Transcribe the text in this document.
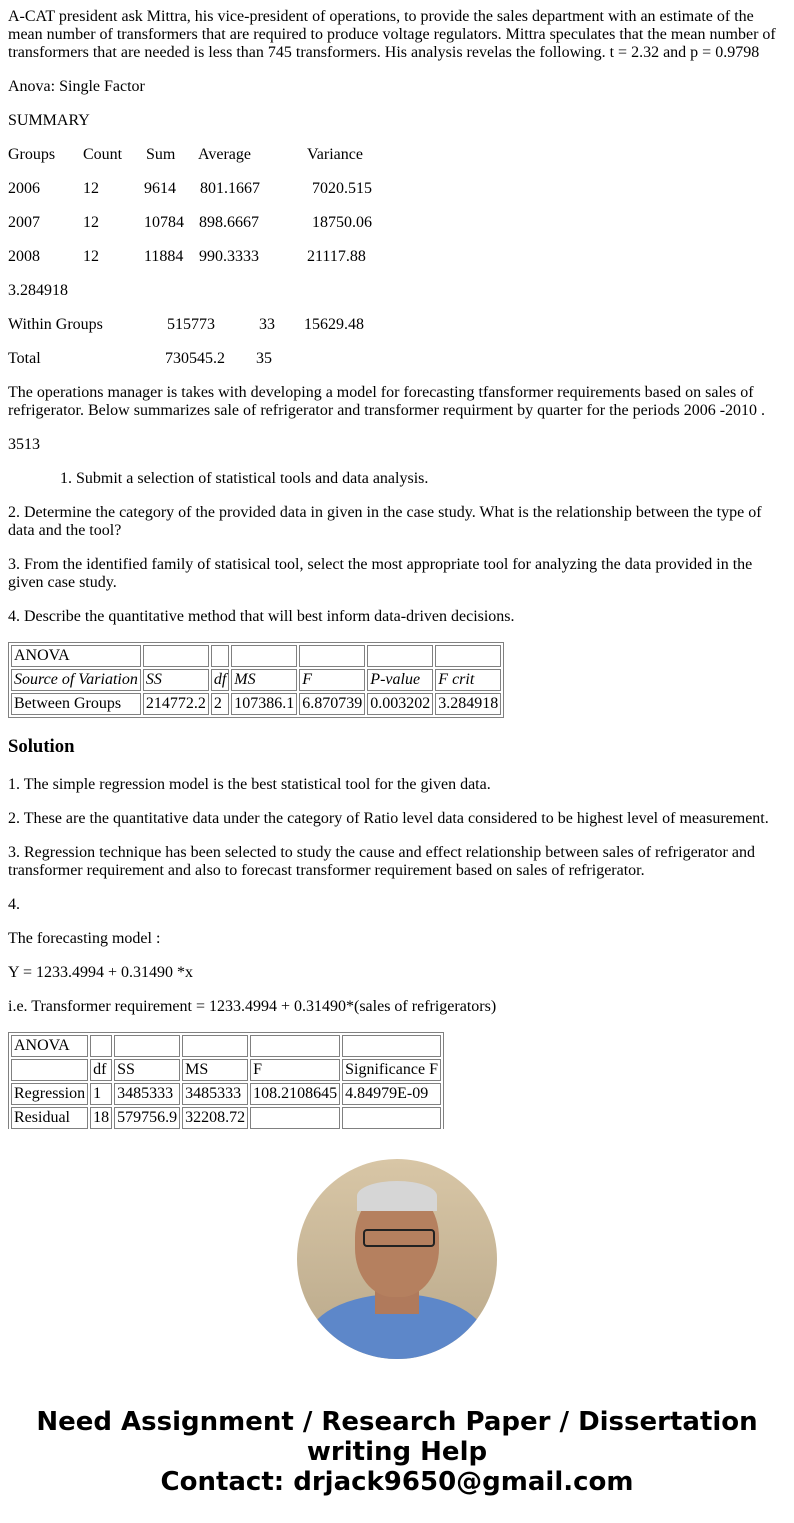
A-CAT president ask Mittra, his vice-president of operations, to provide the sales department with an estimate of the mean number of transformers that are required to produce voltage regulators. Mittra speculates that the mean number of transformers that are needed is less than 745 transformers. His analysis revelas the following. t = 2.32 and p = 0.9798

Anova: Single Factor

SUMMARY

Groups Count Sum Average	Variance

2006	12	9614 801.1667	7020.515

2007	12	10784 898.6667	18750.06

2008	12	11884 990.3333	21117.88

3.284918

Within Groups	515773	33 15629.48

Total	730545.2 35

The operations manager is takes with developing a model for forecasting tfansformer requirements based on sales of refrigerator. Below summarizes sale of refrigerator and transformer requirment by quarter for the periods 2006 -2010 .

3513

1. Submit a selection of statistical tools and data analysis.

2. Determine the category of the provided data in given in the case study. What is the relationship between the type of data and the tool?

3. From the identified family of statisical tool, select the most appropriate tool for analyzing the data provided in the given case study.

4. Describe the quantitative method that will best inform data-driven decisions.

ANOVA						
Source of Variation	SS	df	MS	F	P-value	F crit
Between Groups	214772.2	2	107386.1	6.870739	0.003202	3.284918
Solution

1. The simple regression model is the best statistical tool for the given data.

2. These are the quantitative data under the category of Ratio level data considered to be highest level of measurement.

3. Regression technique has been selected to study the cause and effect relationship between sales of refrigerator and transformer requirement and also to forecast transformer requirement based on sales of refrigerator.

4.

The forecasting model :

Y = 1233.4994 + 0.31490 *x

i.e. Transformer requirement = 1233.4994 + 0.31490*(sales of refrigerators)

ANOVA					
	df	SS	MS	F	Significance F
Regression	1	3485333	3485333	108.2108645	4.84979E-09
Residual	18	579756.9	32208.72		

Need Assignment / Research Paper / Dissertation writing Help
Contact: drjack9650@gmail.com
